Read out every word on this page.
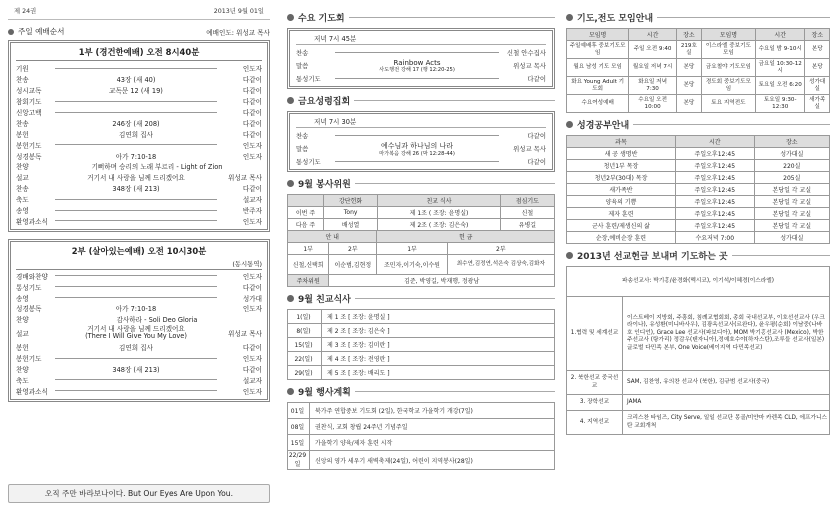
제 24권	2013년 9월 01일
주일 예배순서	예배인도: 위성교 목사
1부 (경건한예배) 오전 8시40분
기원	인도자
찬송	43장 (새 40)	다같이
성시교독	교독문 12 (새 19)	다같이
참회기도	다같이
신앙고백	다같이
찬송	246장 (새 208)	다같이
봉헌	김연희 집사	다같이
봉헌기도	인도자
성경봉독	아가 7:10-18	인도자
찬양	기뻐하며 승리의 노래 부르리 - Light of Zion
설교	거기서 내 사랑을 님께 드리겠어요	위성교 목사
찬송	348장 (새 213)	다같이
축도	설교자
송영	반주자
환영과소식	인도자
2부 (살아있는예배) 오전 10시30분
(동시통역)
경배와찬양	인도자
통성기도	다같이
송영	성가대
성경봉독	아가 7:10-18	인도자
찬양	감사하라 - Soli Deo Gloria
설교
거기서 내 사랑을 님께 드리겠어요
(There I Will Give You My Love)	위성교 목사
봉헌	김연희 집사	다같이
봉헌기도	인도자
찬양	348장 (새 213)	다같이
축도	설교자
환영과소식	인도자
오직 주만 바라보나이다. But Our Eyes Are Upon You.
수요 기도회
저녁 7시 45분
찬송	신철 안수집사
말씀	Rainbow Acts
사도행전 강해 17 (행 12:20-25)	위성교 목사
통성기도	다같이
금요성령집회
저녁 7시 30분
찬송	다같이
말씀	예수님과 하나님의 나라
마가복음 강해 26 (막 12:28-44)
위성교 목사
통성기도	다같이
9월 봉사위원
	강단헌화	친교 식사	점심기도
이번 주	Tony	제 1조 ( 조장: 윤명실)	신철
다음 주	배성열	제 2조 ( 조장: 김은숙)	유병길
안 내		헌 금	
1부	2부	1부	2부
신철,신택희	이순범,김현정	조민자,이기숙,이수원	최수연,김정연,석은숙 김상숙,김화자
주차위원	김준, 박영길, 박재행, 정광남		
9월 친교식사
1(일)	제 1 조 [ 조장: 윤명실 ]
8(일)	제 2 조 [ 조장: 김은숙 ]
15(일)	제 3 조 [ 조장: 김미란 ]
22(일)	제 4 조 [ 조장: 전영란 ]
29(일)	제 5 조 [ 조장: 배리도 ]
9월 행사계획
01일	북가주 연합중보 기도회 (2일), 한국학교 가을학기 개강(7일)
08일	권찬식, 교회 창립 24주년 기념주일
15일	가을학기 양육/제자 훈련 시작
22/29일	신앙의 영가 세우기 새벽축제(24일), 어린이 지역봉사(28일)
기도,전도 모임안내
모임명	시간	장소	모임명	시간	장소
주일예배후 중보기도모임	주일 오전 9:40	219호실	이스라엘 중보기도모임	수요일 밤 9-10시	본당
월요 남성 기도 모임	월요일 저녁 7시	본당	금요철야 기도모임	금요일 10:30-12시	본당
화요 Young Adult 기도회	화요일 저녁 7:30	본당	경도회 중보기도모임	토요일 오전 6:20	성가대실
수요여성예배	수요일 오전 10:00	본당	토요 지역전도	토요일 9:30-12:30	새가족실
성경공부안내
과목	시간	장소
새 공 생명반	주일오후12:45	성가대실
청년1부 목장	주일오후12:45	220실
청년2부(30대) 목장	주일오후12:45	205실
새가족반	주일오후12:45	본당일 각 교실
양육의 기쁨	주일오후12:45	본당일 각 교실
제자 훈련	주일오후12:45	본당일 각 교실
군사 훈련/제생신의 삶	주일오후12:45	본당일 각 교실
순장,예비순장 훈련	수요저녁 7:00	성가대실
2013년 선교헌금 보내며 기도하는 곳
파송선교사: 박기홍/윤경화(멕시코), 이기석/이혜경(이스라엘)	
1.협력 및 세계선교	이스트베이 지방회, 주흥회, 침례교협회회, 총회 국내선교부, 이호선선교사 (우크라이나), 유성환(미니바사우), 김광옥선교사(르완다), 윤우평(순회) 이남중(나바호 인디언), Grace Lee 선교사(파보디아), MOM 박기홍선교사 (Mexico), 박한주선교사 (탕가리) 정감우(텐자니아),정예호수야(하자스탄),조루들 선교사(일본) 글로벌 다민족 본부, One Voice(베이지역 다민족선교)
2. 북한선교 중국선교	SAM, 김찬영, 유의찬 선교사 (북한), 김규범 선교사(중국)
3. 장학선교	JAMA
4. 지역선교	크리스찬 타임즈, City Serve, 일일 선교단 몽골/미얀마 카렌족 CLD, 에프가니스탄 교회개척
